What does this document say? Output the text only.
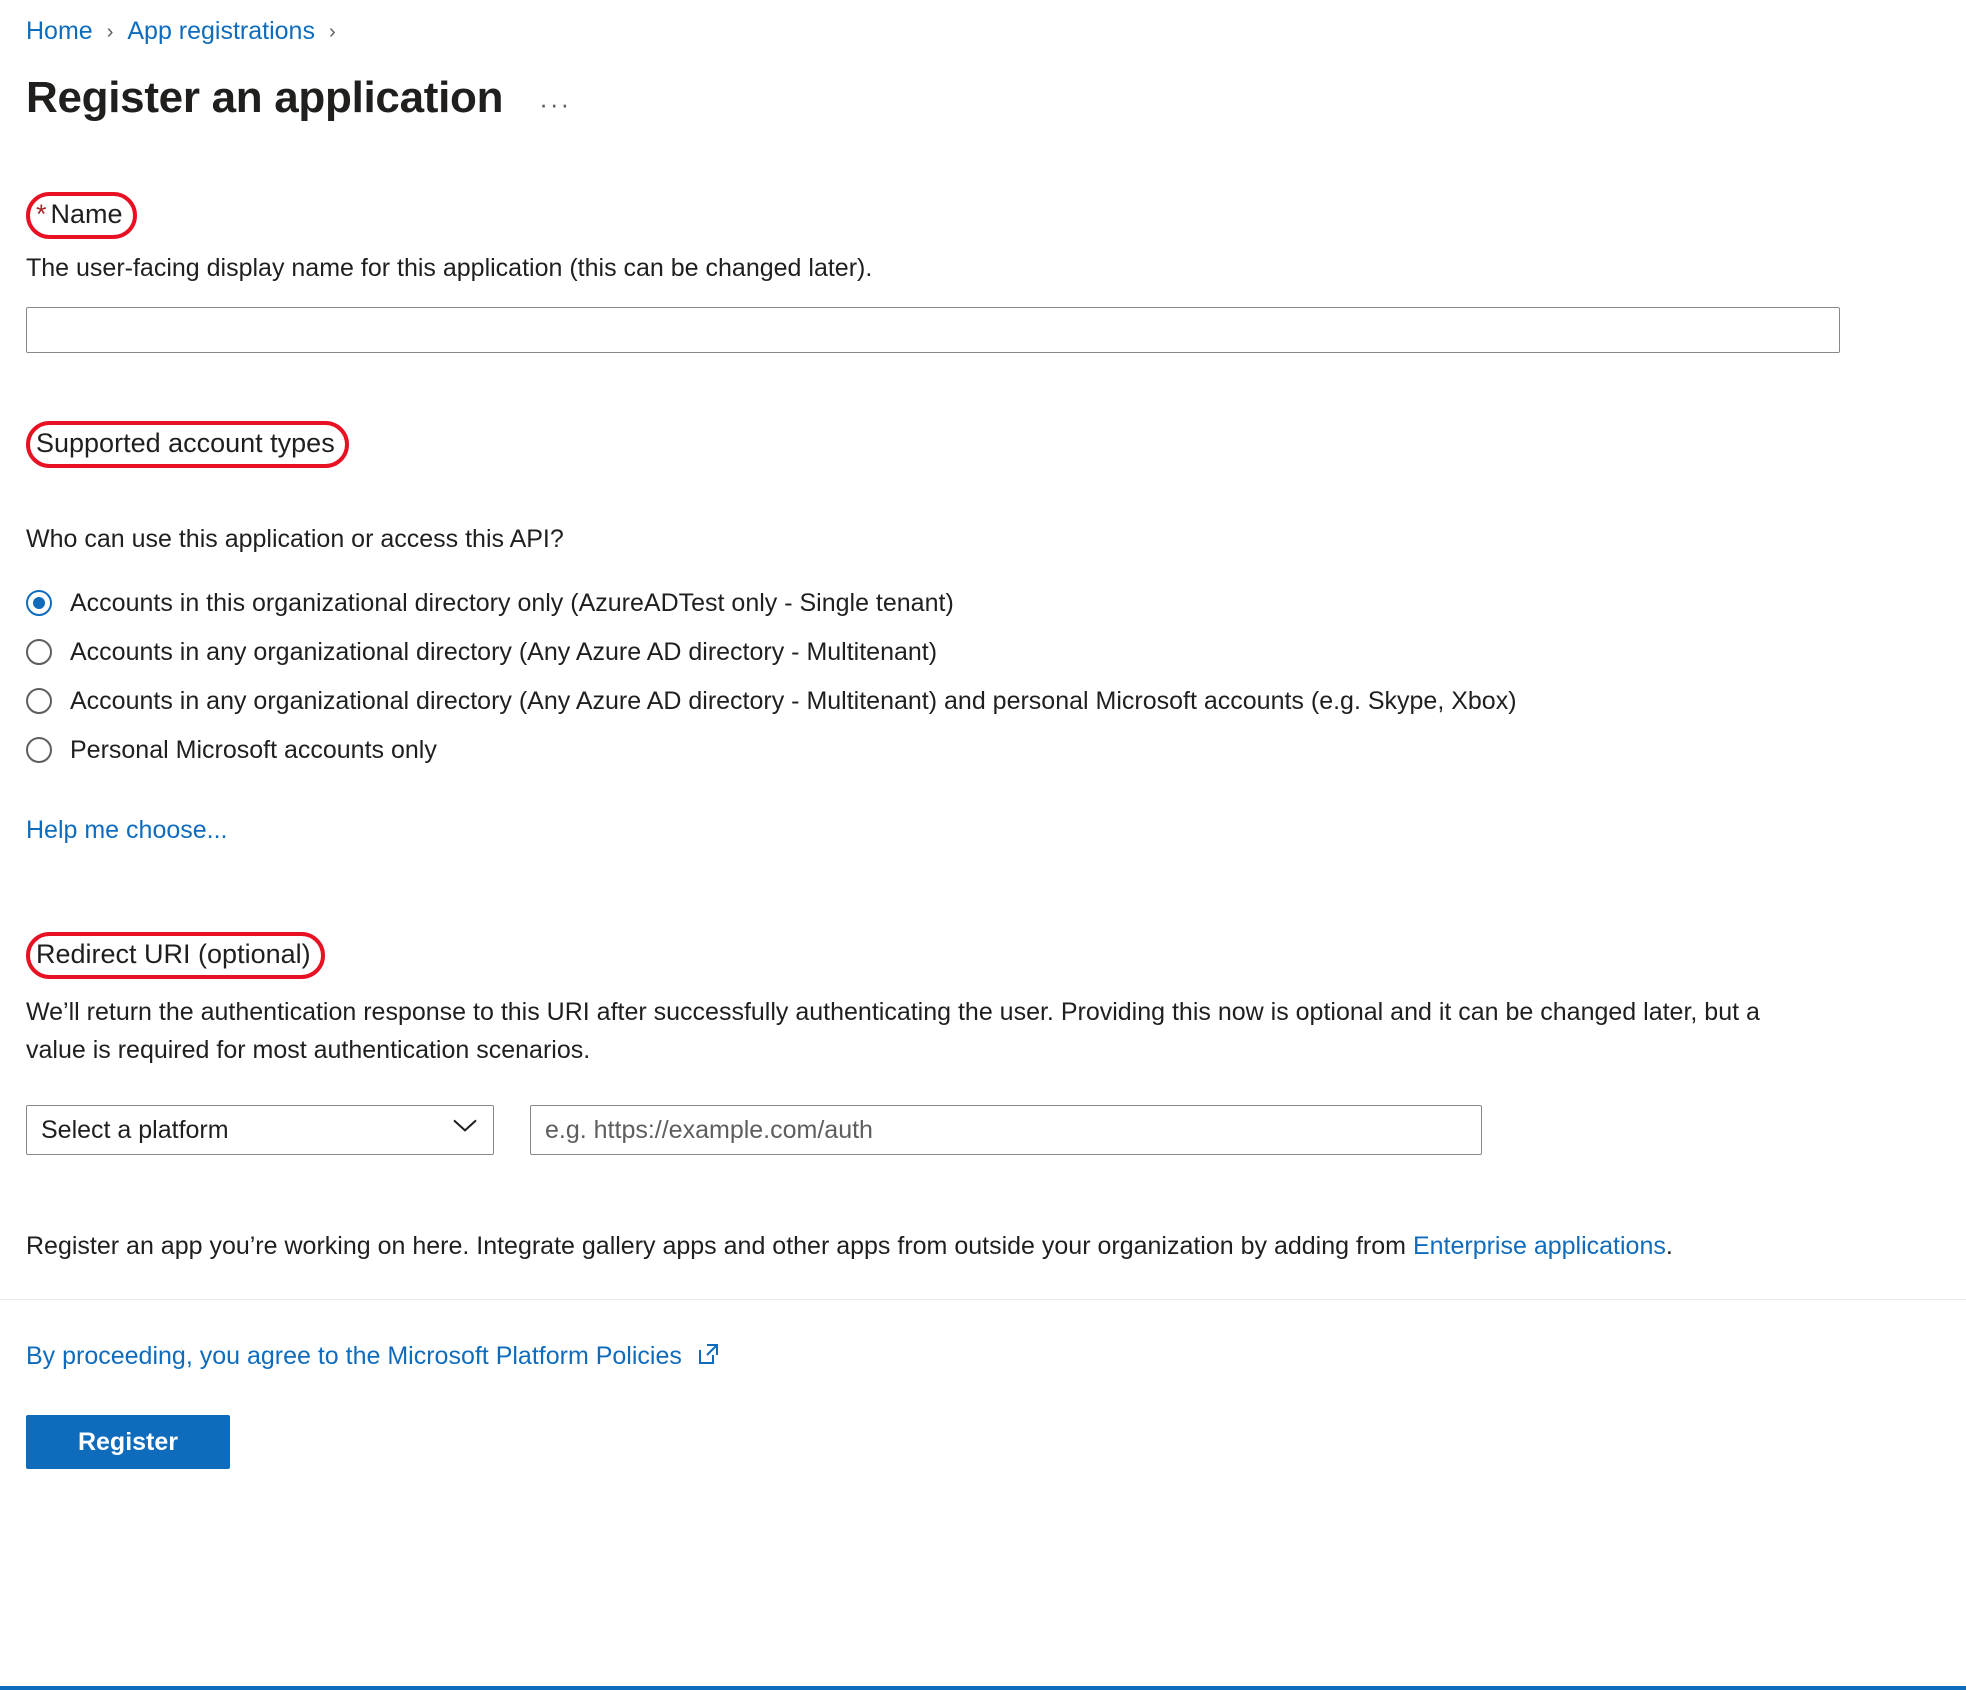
Home › App registrations ›
Register an application ···
* Name
The user-facing display name for this application (this can be changed later).
Supported account types
Who can use this application or access this API?
Accounts in this organizational directory only (AzureADTest only - Single tenant)
Accounts in any organizational directory (Any Azure AD directory - Multitenant)
Accounts in any organizational directory (Any Azure AD directory - Multitenant) and personal Microsoft accounts (e.g. Skype, Xbox)
Personal Microsoft accounts only
Help me choose...
Redirect URI (optional)
We’ll return the authentication response to this URI after successfully authenticating the user. Providing this now is optional and it can be changed later, but a value is required for most authentication scenarios.
Select a platform
e.g. https://example.com/auth
Register an app you’re working on here. Integrate gallery apps and other apps from outside your organization by adding from Enterprise applications.
By proceeding, you agree to the Microsoft Platform Policies
Register
